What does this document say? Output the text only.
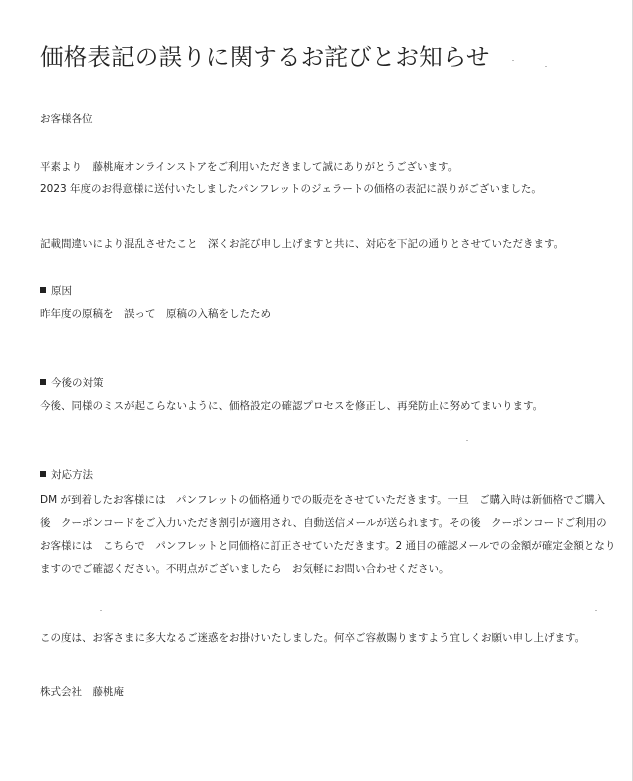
価格表記の誤りに関するお詫びとお知らせ
お客様各位
平素より　藤桃庵オンラインストアをご利用いただきまして誠にありがとうございます。
2023 年度のお得意様に送付いたしましたパンフレットのジェラートの価格の表記に誤りがございました。
記載間違いにより混乱させたこと　深くお詫び申し上げますと共に、対応を下記の通りとさせていただきます。
原因
昨年度の原稿を　誤って　原稿の入稿をしたため
今後の対策
今後、同様のミスが起こらないように、価格設定の確認プロセスを修正し、再発防止に努めてまいります。
対応方法
DM が到着したお客様には　パンフレットの価格通りでの販売をさせていただきます。一旦　ご購入時は新価格でご購入
後　クーポンコードをご入力いただき割引が適用され、自動送信メールが送られます。その後　クーポンコードご利用の
お客様には　こちらで　パンフレットと同価格に訂正させていただきます。2 通目の確認メールでの金額が確定金額となり
ますのでご確認ください。不明点がございましたら　お気軽にお問い合わせください。
この度は、お客さまに多大なるご迷惑をお掛けいたしました。何卒ご容赦賜りますよう宜しくお願い申し上げます。
株式会社　藤桃庵
